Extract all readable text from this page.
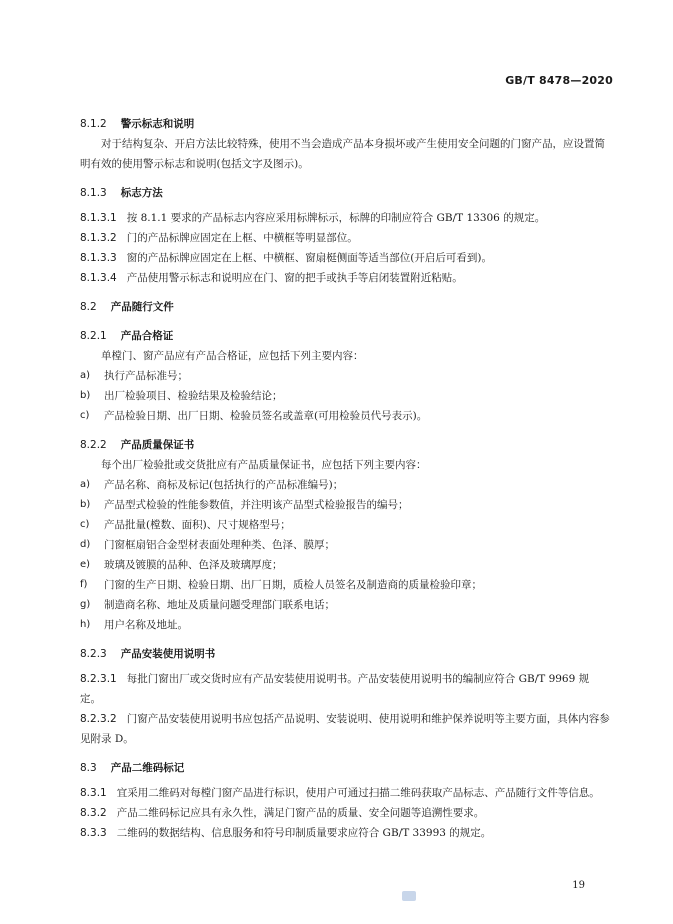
GB/T 8478—2020

8.1.2 警示标志和说明

对于结构复杂、开启方法比较特殊，使用不当会造成产品本身损坏或产生使用安全问题的门窗产品，应设置简明有效的使用警示标志和说明(包括文字及图示)。

8.1.3 标志方法

8.1.3.1 按 8.1.1 要求的产品标志内容应采用标牌标示，标牌的印制应符合 GB/T 13306 的规定。

8.1.3.2 门的产品标牌应固定在上框、中横框等明显部位。

8.1.3.3 窗的产品标牌应固定在上框、中横框、窗扇梃侧面等适当部位(开启后可看到)。

8.1.3.4 产品使用警示标志和说明应在门、窗的把手或执手等启闭装置附近粘贴。

8.2 产品随行文件

8.2.1 产品合格证

单樘门、窗产品应有产品合格证，应包括下列主要内容：

a)	执行产品标准号；
b)	出厂检验项目、检验结果及检验结论；
c)	产品检验日期、出厂日期、检验员签名或盖章(可用检验员代号表示)。

8.2.2 产品质量保证书

每个出厂检验批或交货批应有产品质量保证书，应包括下列主要内容：

a)	产品名称、商标及标记(包括执行的产品标准编号)；
b)	产品型式检验的性能参数值，并注明该产品型式检验报告的编号；
c)	产品批量(樘数、面积)、尺寸规格型号；
d)	门窗框扇铝合金型材表面处理种类、色泽、膜厚；
e)	玻璃及镀膜的品种、色泽及玻璃厚度；
f)	门窗的生产日期、检验日期、出厂日期，质检人员签名及制造商的质量检验印章；
g)	制造商名称、地址及质量问题受理部门联系电话；
h)	用户名称及地址。

8.2.3 产品安装使用说明书

8.2.3.1 每批门窗出厂或交货时应有产品安装使用说明书。产品安装使用说明书的编制应符合 GB/T 9969 规定。

8.2.3.2 门窗产品安装使用说明书应包括产品说明、安装说明、使用说明和维护保养说明等主要方面，具体内容参见附录 D。

8.3 产品二维码标记

8.3.1 宜采用二维码对每樘门窗产品进行标识，使用户可通过扫描二维码获取产品标志、产品随行文件等信息。

8.3.2 产品二维码标记应具有永久性，满足门窗产品的质量、安全问题等追溯性要求。

8.3.3 二维码的数据结构、信息服务和符号印制质量要求应符合 GB/T 33993 的规定。

19
